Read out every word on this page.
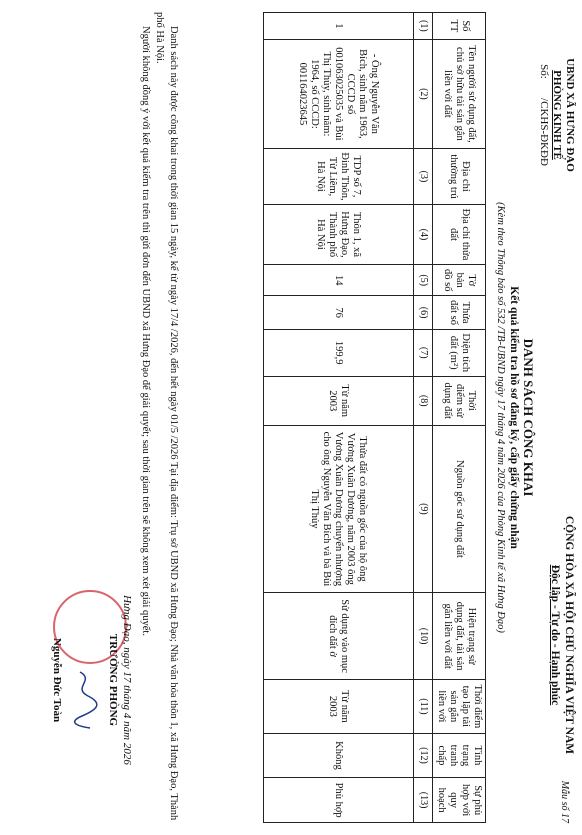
UBND XÃ HƯNG ĐẠO
PHÒNG KINH TẾ
Số:       /CKHS-ĐKĐĐ
CỘNG HÒA XÃ HỘI CHỦ NGHĨA VIỆT NAM
Độc lập - Tự do - Hạnh phúc
Mẫu số 17
DANH SÁCH CÔNG KHAI
Kết quả kiểm tra hồ sơ đăng ký, cấp giấy chứng nhận
(Kèm theo Thông báo số 532 /TB-UBND ngày 17 tháng 4 năm 2026 của Phòng Kinh tế xã Hưng Đạo)
Số TT	Tên người sử dụng đất, chủ sở hữu tài sản gắn liền với đất	Địa chỉ thường trú	Địa chỉ thửa đất	Tờ bản đồ số	Thửa đất số	Diện tích đất (m²)	Thời điểm sử dụng đất	Nguồn gốc sử dụng đất	Hiện trạng sử dụng đất, tài sản gắn liền với đất	Thời điểm tạo lập tài sản gắn liền với	Tình trạng tranh chấp	Sự phù hợp với quy hoạch
(1)	(2)	(3)	(4)	(5)	(6)	(7)	(8)	(9)	(10)	(11)	(12)	(13)
1	- Ông Nguyễn Văn Bích, sinh năm 1963, CCCD số 001063025035 và Bùi Thị Thủy, sinh năm: 1964, số CCCD: 001164023645	TDP số 7, Đinh Thôn, Từ Liêm, Hà Nội	Thôn 1, xã Hưng Đạo, Thành phố Hà Nội	14	76	199,9	Từ năm 2003	Thửa đất có nguồn gốc của hộ ông Vương Xuân Dương, năm 2003 ông Vương Xuân Dương chuyển nhượng cho ông Nguyễn Văn Bích và bà Bùi Thị Thủy	Sử dụng vào mục đích đất ở	Từ năm 2003	Không	Phù hợp

Danh sách này được công khai trong thời gian 15 ngày, kể từ ngày 17/4 /2026, đến hết ngày 01/5 /2026 Tại địa điểm: Trụ sở UBND xã Hưng Đạo; Nhà văn hóa thôn 1, xã Hưng Đạo, Thành phố Hà Nội.

Người không đồng ý với kết quả kiểm tra trên thì gửi đơn đến UBND xã Hưng Đạo để giải quyết; sau thời gian trên sẽ không xem xét giải quyết.

Hưng Đạo, ngày 17 tháng 4 năm 2026
TRƯỞNG PHÒNG
Nguyễn Đức Toàn
